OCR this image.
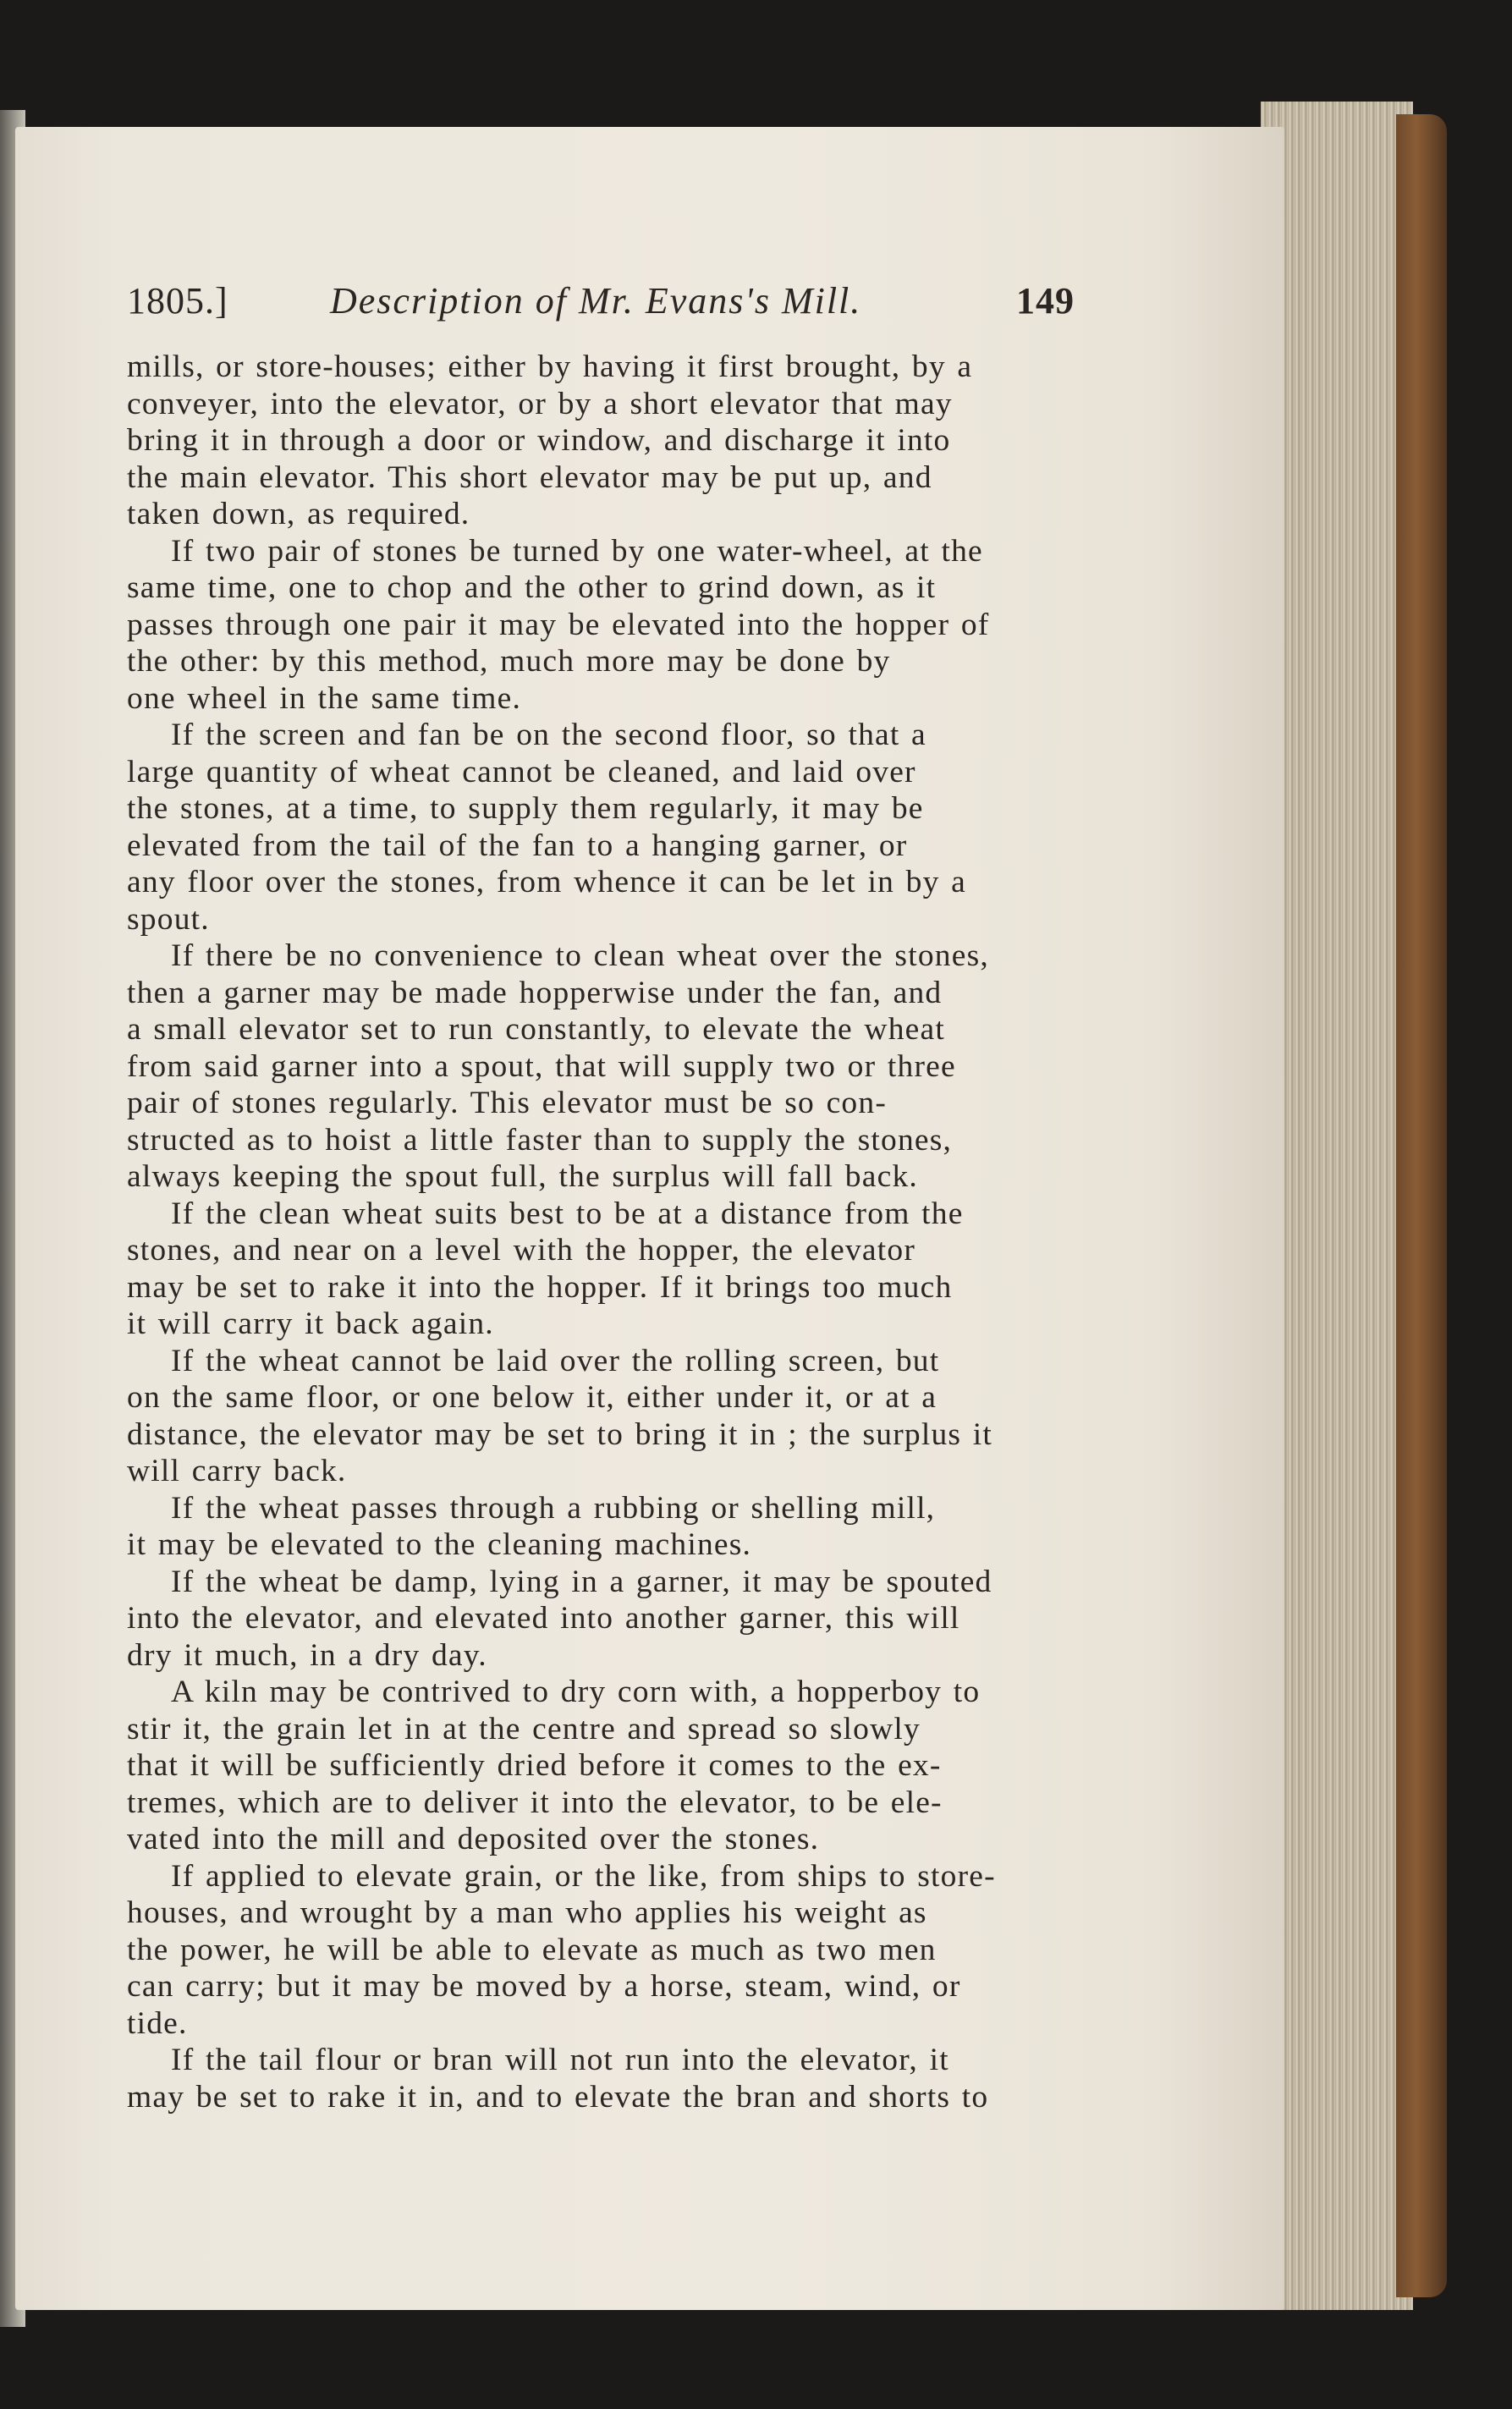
1805.]	Description of Mr. Evans's Mill.	149
mills, or store-houses; either by having it first brought, by a
conveyer, into the elevator, or by a short elevator that may
bring it in through a door or window, and discharge it into
the main elevator. This short elevator may be put up, and
taken down, as required.
If two pair of stones be turned by one water-wheel, at the
same time, one to chop and the other to grind down, as it
passes through one pair it may be elevated into the hopper of
the other: by this method, much more may be done by
one wheel in the same time.
If the screen and fan be on the second floor, so that a
large quantity of wheat cannot be cleaned, and laid over
the stones, at a time, to supply them regularly, it may be
elevated from the tail of the fan to a hanging garner, or
any floor over the stones, from whence it can be let in by a
spout.
If there be no convenience to clean wheat over the stones,
then a garner may be made hopperwise under the fan, and
a small elevator set to run constantly, to elevate the wheat
from said garner into a spout, that will supply two or three
pair of stones regularly. This elevator must be so con-
structed as to hoist a little faster than to supply the stones,
always keeping the spout full, the surplus will fall back.
If the clean wheat suits best to be at a distance from the
stones, and near on a level with the hopper, the elevator
may be set to rake it into the hopper. If it brings too much
it will carry it back again.
If the wheat cannot be laid over the rolling screen, but
on the same floor, or one below it, either under it, or at a
distance, the elevator may be set to bring it in ; the surplus it
will carry back.
If the wheat passes through a rubbing or shelling mill,
it may be elevated to the cleaning machines.
If the wheat be damp, lying in a garner, it may be spouted
into the elevator, and elevated into another garner, this will
dry it much, in a dry day.
A kiln may be contrived to dry corn with, a hopperboy to
stir it, the grain let in at the centre and spread so slowly
that it will be sufficiently dried before it comes to the ex-
tremes, which are to deliver it into the elevator, to be ele-
vated into the mill and deposited over the stones.
If applied to elevate grain, or the like, from ships to store-
houses, and wrought by a man who applies his weight as
the power, he will be able to elevate as much as two men
can carry; but it may be moved by a horse, steam, wind, or
tide.
If the tail flour or bran will not run into the elevator, it
may be set to rake it in, and to elevate the bran and shorts to
